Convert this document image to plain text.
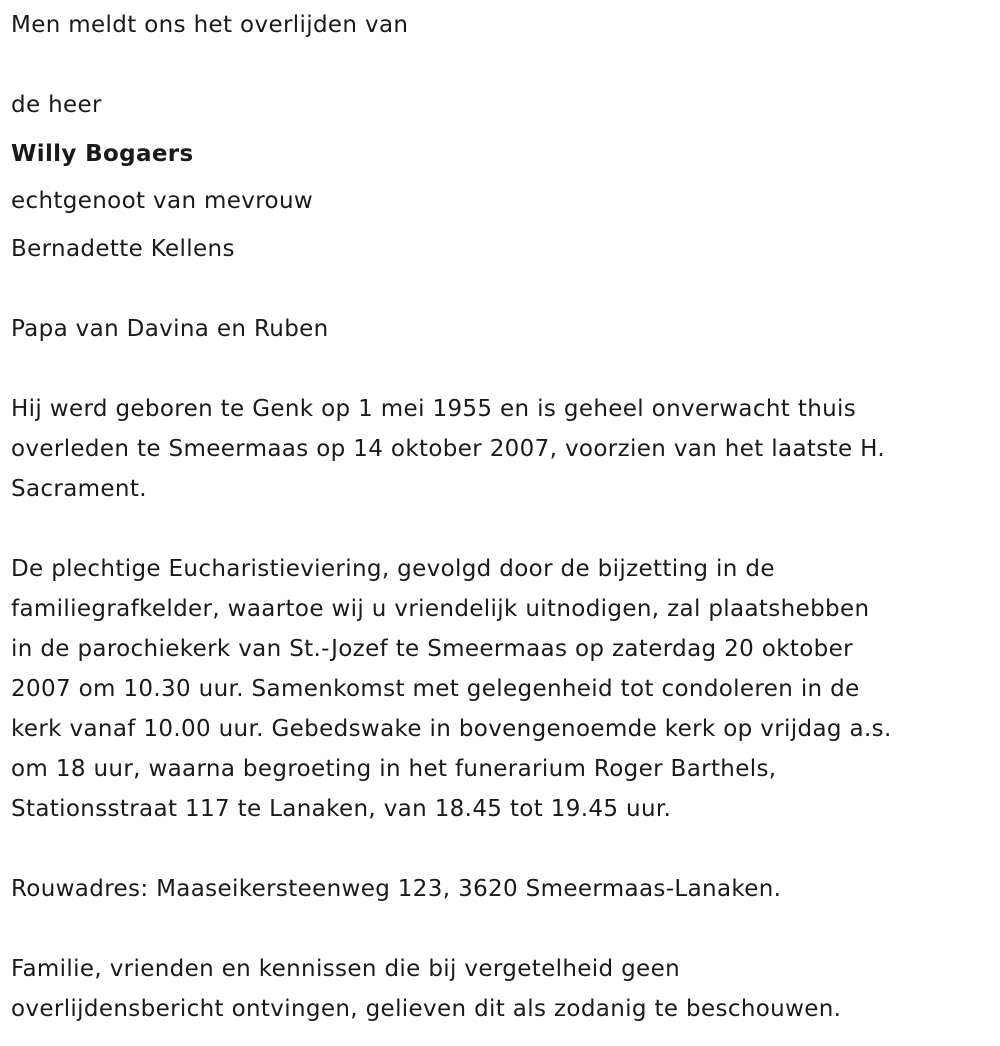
Men meldt ons het overlijden van
de heer
Willy Bogaers
echtgenoot van mevrouw
Bernadette Kellens
Papa van Davina en Ruben
Hij werd geboren te Genk op 1 mei 1955 en is geheel onverwacht thuis
overleden te Smeermaas op 14 oktober 2007, voorzien van het laatste H.
Sacrament.
De plechtige Eucharistieviering, gevolgd door de bijzetting in de
familiegrafkelder, waartoe wij u vriendelijk uitnodigen, zal plaatshebben
in de parochiekerk van St.-Jozef te Smeermaas op zaterdag 20 oktober
2007 om 10.30 uur. Samenkomst met gelegenheid tot condoleren in de
kerk vanaf 10.00 uur. Gebedswake in bovengenoemde kerk op vrijdag a.s.
om 18 uur, waarna begroeting in het funerarium Roger Barthels,
Stationsstraat 117 te Lanaken, van 18.45 tot 19.45 uur.
Rouwadres: Maaseikersteenweg 123, 3620 Smeermaas-Lanaken.
Familie, vrienden en kennissen die bij vergetelheid geen
overlijdensbericht ontvingen, gelieven dit als zodanig te beschouwen.
